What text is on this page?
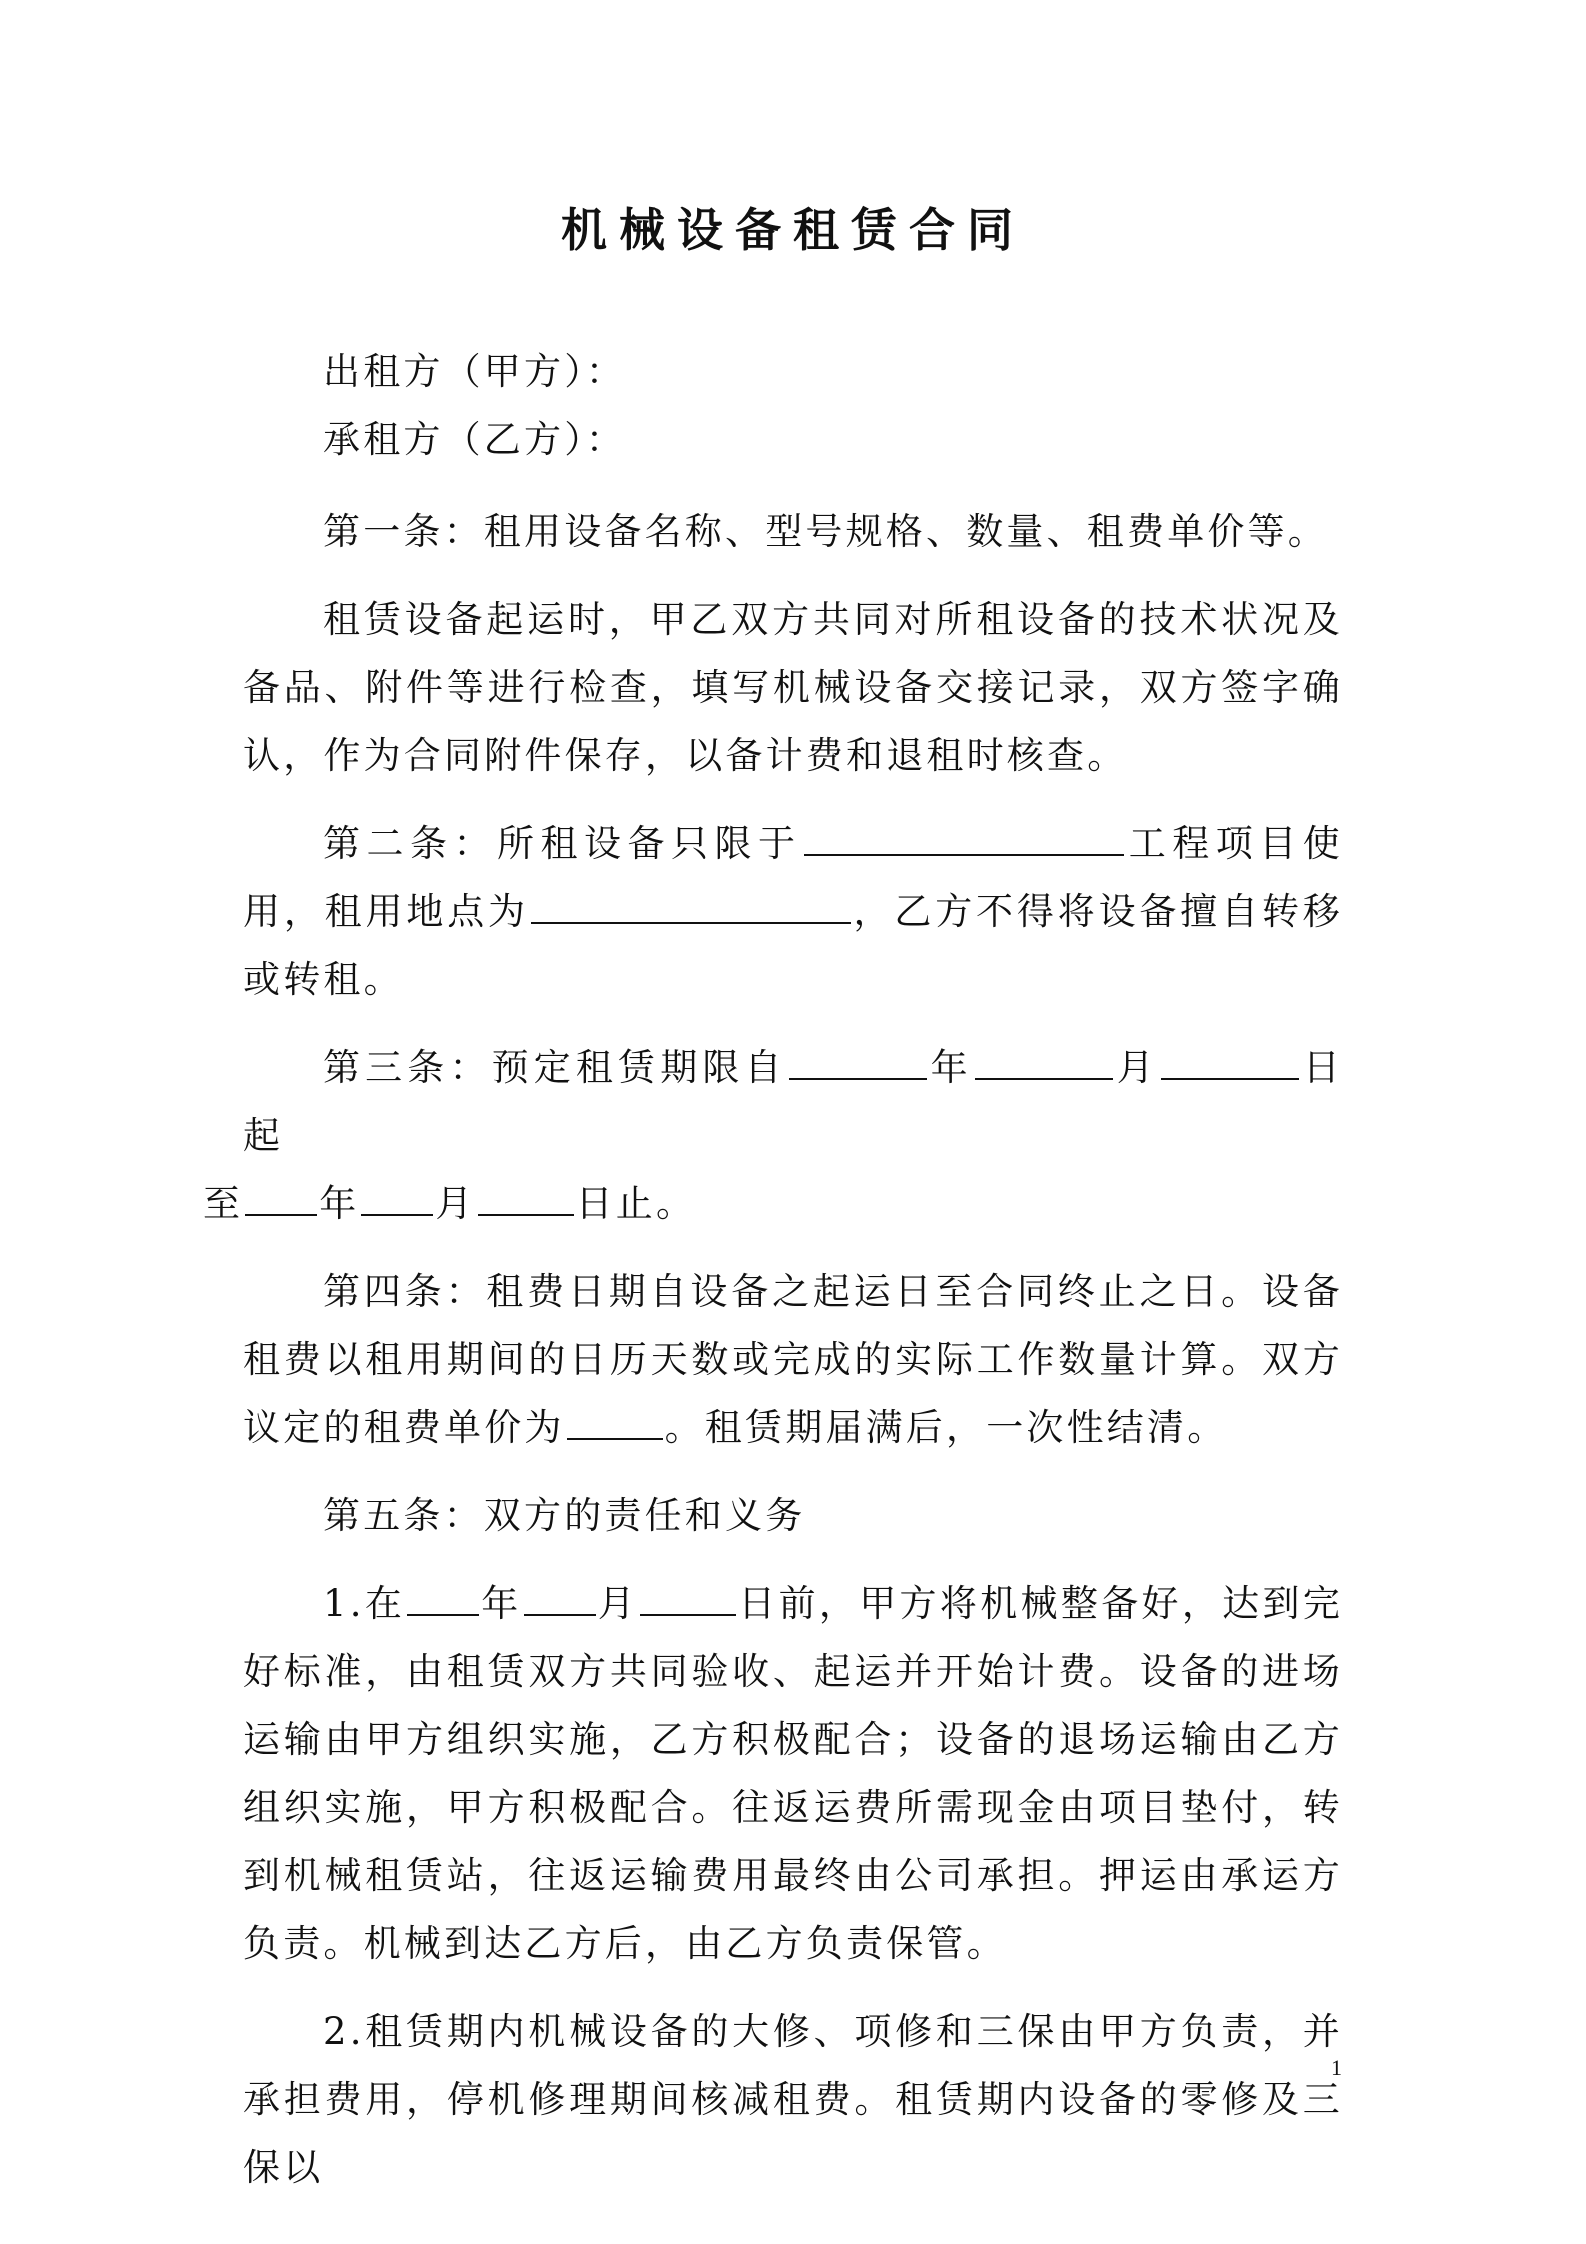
机械设备租赁合同

出租方（甲方）：

承租方（乙方）：

第一条：租用设备名称、型号规格、数量、租费单价等。

租赁设备起运时，甲乙双方共同对所租设备的技术状况及备品、附件等进行检查，填写机械设备交接记录，双方签字确认，作为合同附件保存，以备计费和退租时核查。

第二条：所租设备只限于	工程项目使用，租用地点为	，乙方不得将设备擅自转移或转租。

第三条：预定租赁期限自	年	月	日起
至 年 月	日止。

第四条：租费日期自设备之起运日至合同终止之日。设备租费以租用期间的日历天数或完成的实际工作数量计算。双方议定的租费单价为	。租赁期届满后，一次性结清。

第五条：双方的责任和义务

1.在 年 月	日前，甲方将机械整备好，达到完好标准，由租赁双方共同验收、起运并开始计费。设备的进场运输由甲方组织实施，乙方积极配合；设备的退场运输由乙方组织实施，甲方积极配合。往返运费所需现金由项目垫付，转到机械租赁站，往返运输费用最终由公司承担。押运由承运方负责。机械到达乙方后，由乙方负责保管。

2.租赁期内机械设备的大修、项修和三保由甲方负责，并承担费用，停机修理期间核减租费。租赁期内设备的零修及三保以

1
